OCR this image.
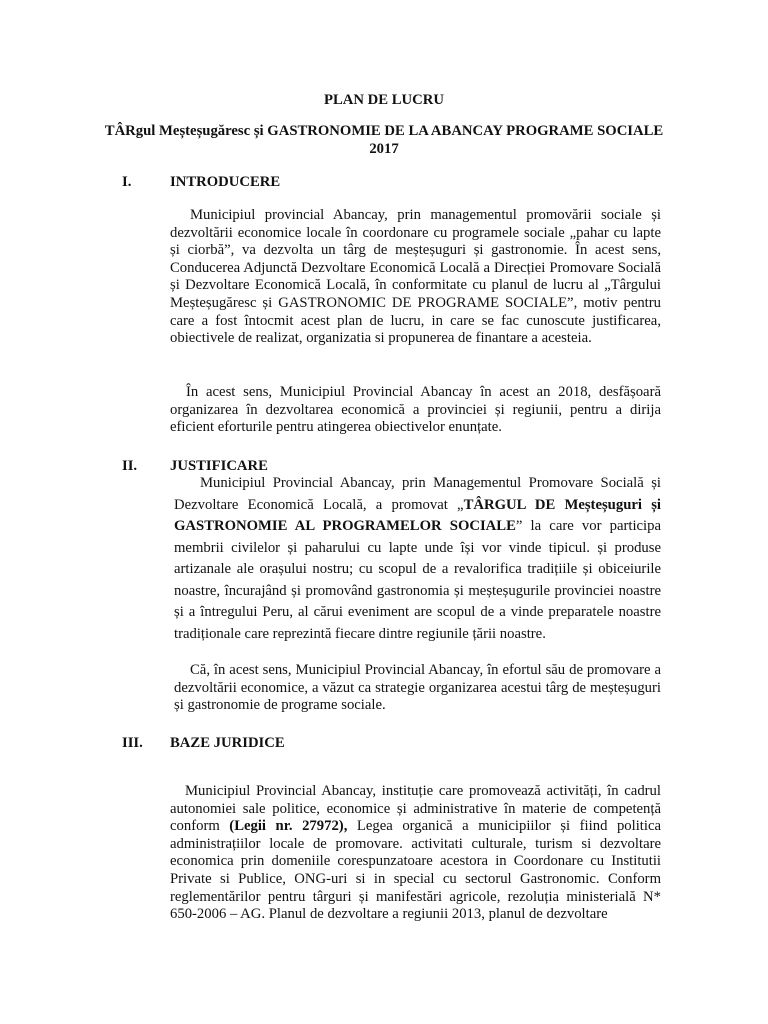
PLAN DE LUCRU
TÂRgul Meșteșugăresc și GASTRONOMIE DE LA ABANCAY PROGRAME SOCIALE
2017
I.	INTRODUCERE

Municipiul provincial Abancay, prin managementul promovării sociale și dezvoltării economice locale în coordonare cu programele sociale „pahar cu lapte și ciorbă”, va dezvolta un târg de meșteșuguri și gastronomie. În acest sens, Conducerea Adjunctă Dezvoltare Economică Locală a Direcției Promovare Socială și Dezvoltare Economică Locală, în conformitate cu planul de lucru al „Târgului Meșteșugăresc și GASTRONOMIC DE PROGRAME SOCIALE”, motiv pentru care a fost întocmit acest plan de lucru, in care se fac cunoscute justificarea, obiectivele de realizat, organizatia si propunerea de finantare a acesteia.

În acest sens, Municipiul Provincial Abancay în acest an 2018, desfășoară organizarea în dezvoltarea economică a provinciei și regiunii, pentru a dirija eficient eforturile pentru atingerea obiectivelor enunțate.

II. JUSTIFICARE

Municipiul Provincial Abancay, prin Managementul Promovare Socială și Dezvoltare Economică Locală, a promovat „TÂRGUL DE Meșteșuguri și GASTRONOMIE AL PROGRAMELOR SOCIALE” la care vor participa membrii civilelor și paharului cu lapte unde își vor vinde tipicul. și produse artizanale ale orașului nostru; cu scopul de a revalorifica tradițiile și obiceiurile noastre, încurajând și promovând gastronomia și meșteșugurile provinciei noastre și a întregului Peru, al cărui eveniment are scopul de a vinde preparatele noastre tradiționale care reprezintă fiecare dintre regiunile țării noastre.

Că, în acest sens, Municipiul Provincial Abancay, în efortul său de promovare a dezvoltării economice, a văzut ca strategie organizarea acestui târg de meșteșuguri și gastronomie de programe sociale.

III. BAZE JURIDICE

Municipiul Provincial Abancay, instituție care promovează activități, în cadrul autonomiei sale politice, economice și administrative în materie de competență conform (Legii nr. 27972), Legea organică a municipiilor și fiind politica administrațiilor locale de promovare. activitati culturale, turism si dezvoltare economica prin domeniile corespunzatoare acestora in Coordonare cu Institutii Private si Publice, ONG-uri si in special cu sectorul Gastronomic. Conform reglementărilor pentru târguri și manifestări agricole, rezoluția ministerială N* 650-2006 – AG. Planul de dezvoltare a regiunii 2013, planul de dezvoltare
